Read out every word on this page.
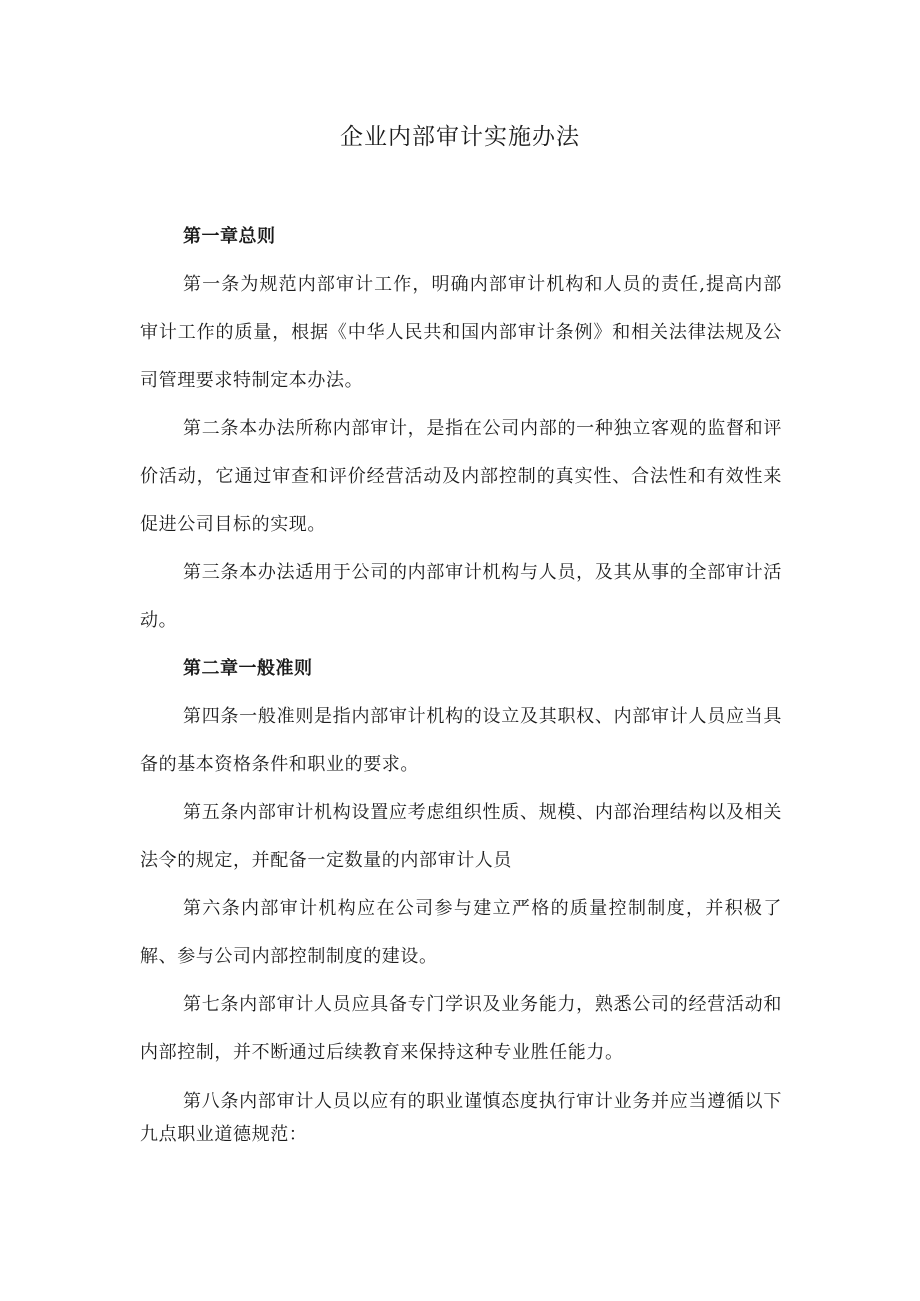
企业内部审计实施办法

第一章总则

第一条为规范内部审计工作，明确内部审计机构和人员的责任,提高内部审计工作的质量，根据《中华人民共和国内部审计条例》和相关法律法规及公司管理要求特制定本办法。

第二条本办法所称内部审计，是指在公司内部的一种独立客观的监督和评价活动，它通过审查和评价经营活动及内部控制的真实性、合法性和有效性来促进公司目标的实现。

第三条本办法适用于公司的内部审计机构与人员，及其从事的全部审计活动。

第二章一般准则

第四条一般准则是指内部审计机构的设立及其职权、内部审计人员应当具备的基本资格条件和职业的要求。

第五条内部审计机构设置应考虑组织性质、规模、内部治理结构以及相关法令的规定，并配备一定数量的内部审计人员

第六条内部审计机构应在公司参与建立严格的质量控制制度，并积极了解、参与公司内部控制制度的建设。

第七条内部审计人员应具备专门学识及业务能力，熟悉公司的经营活动和内部控制，并不断通过后续教育来保持这种专业胜任能力。

第八条内部审计人员以应有的职业谨慎态度执行审计业务并应当遵循以下九点职业道德规范：
